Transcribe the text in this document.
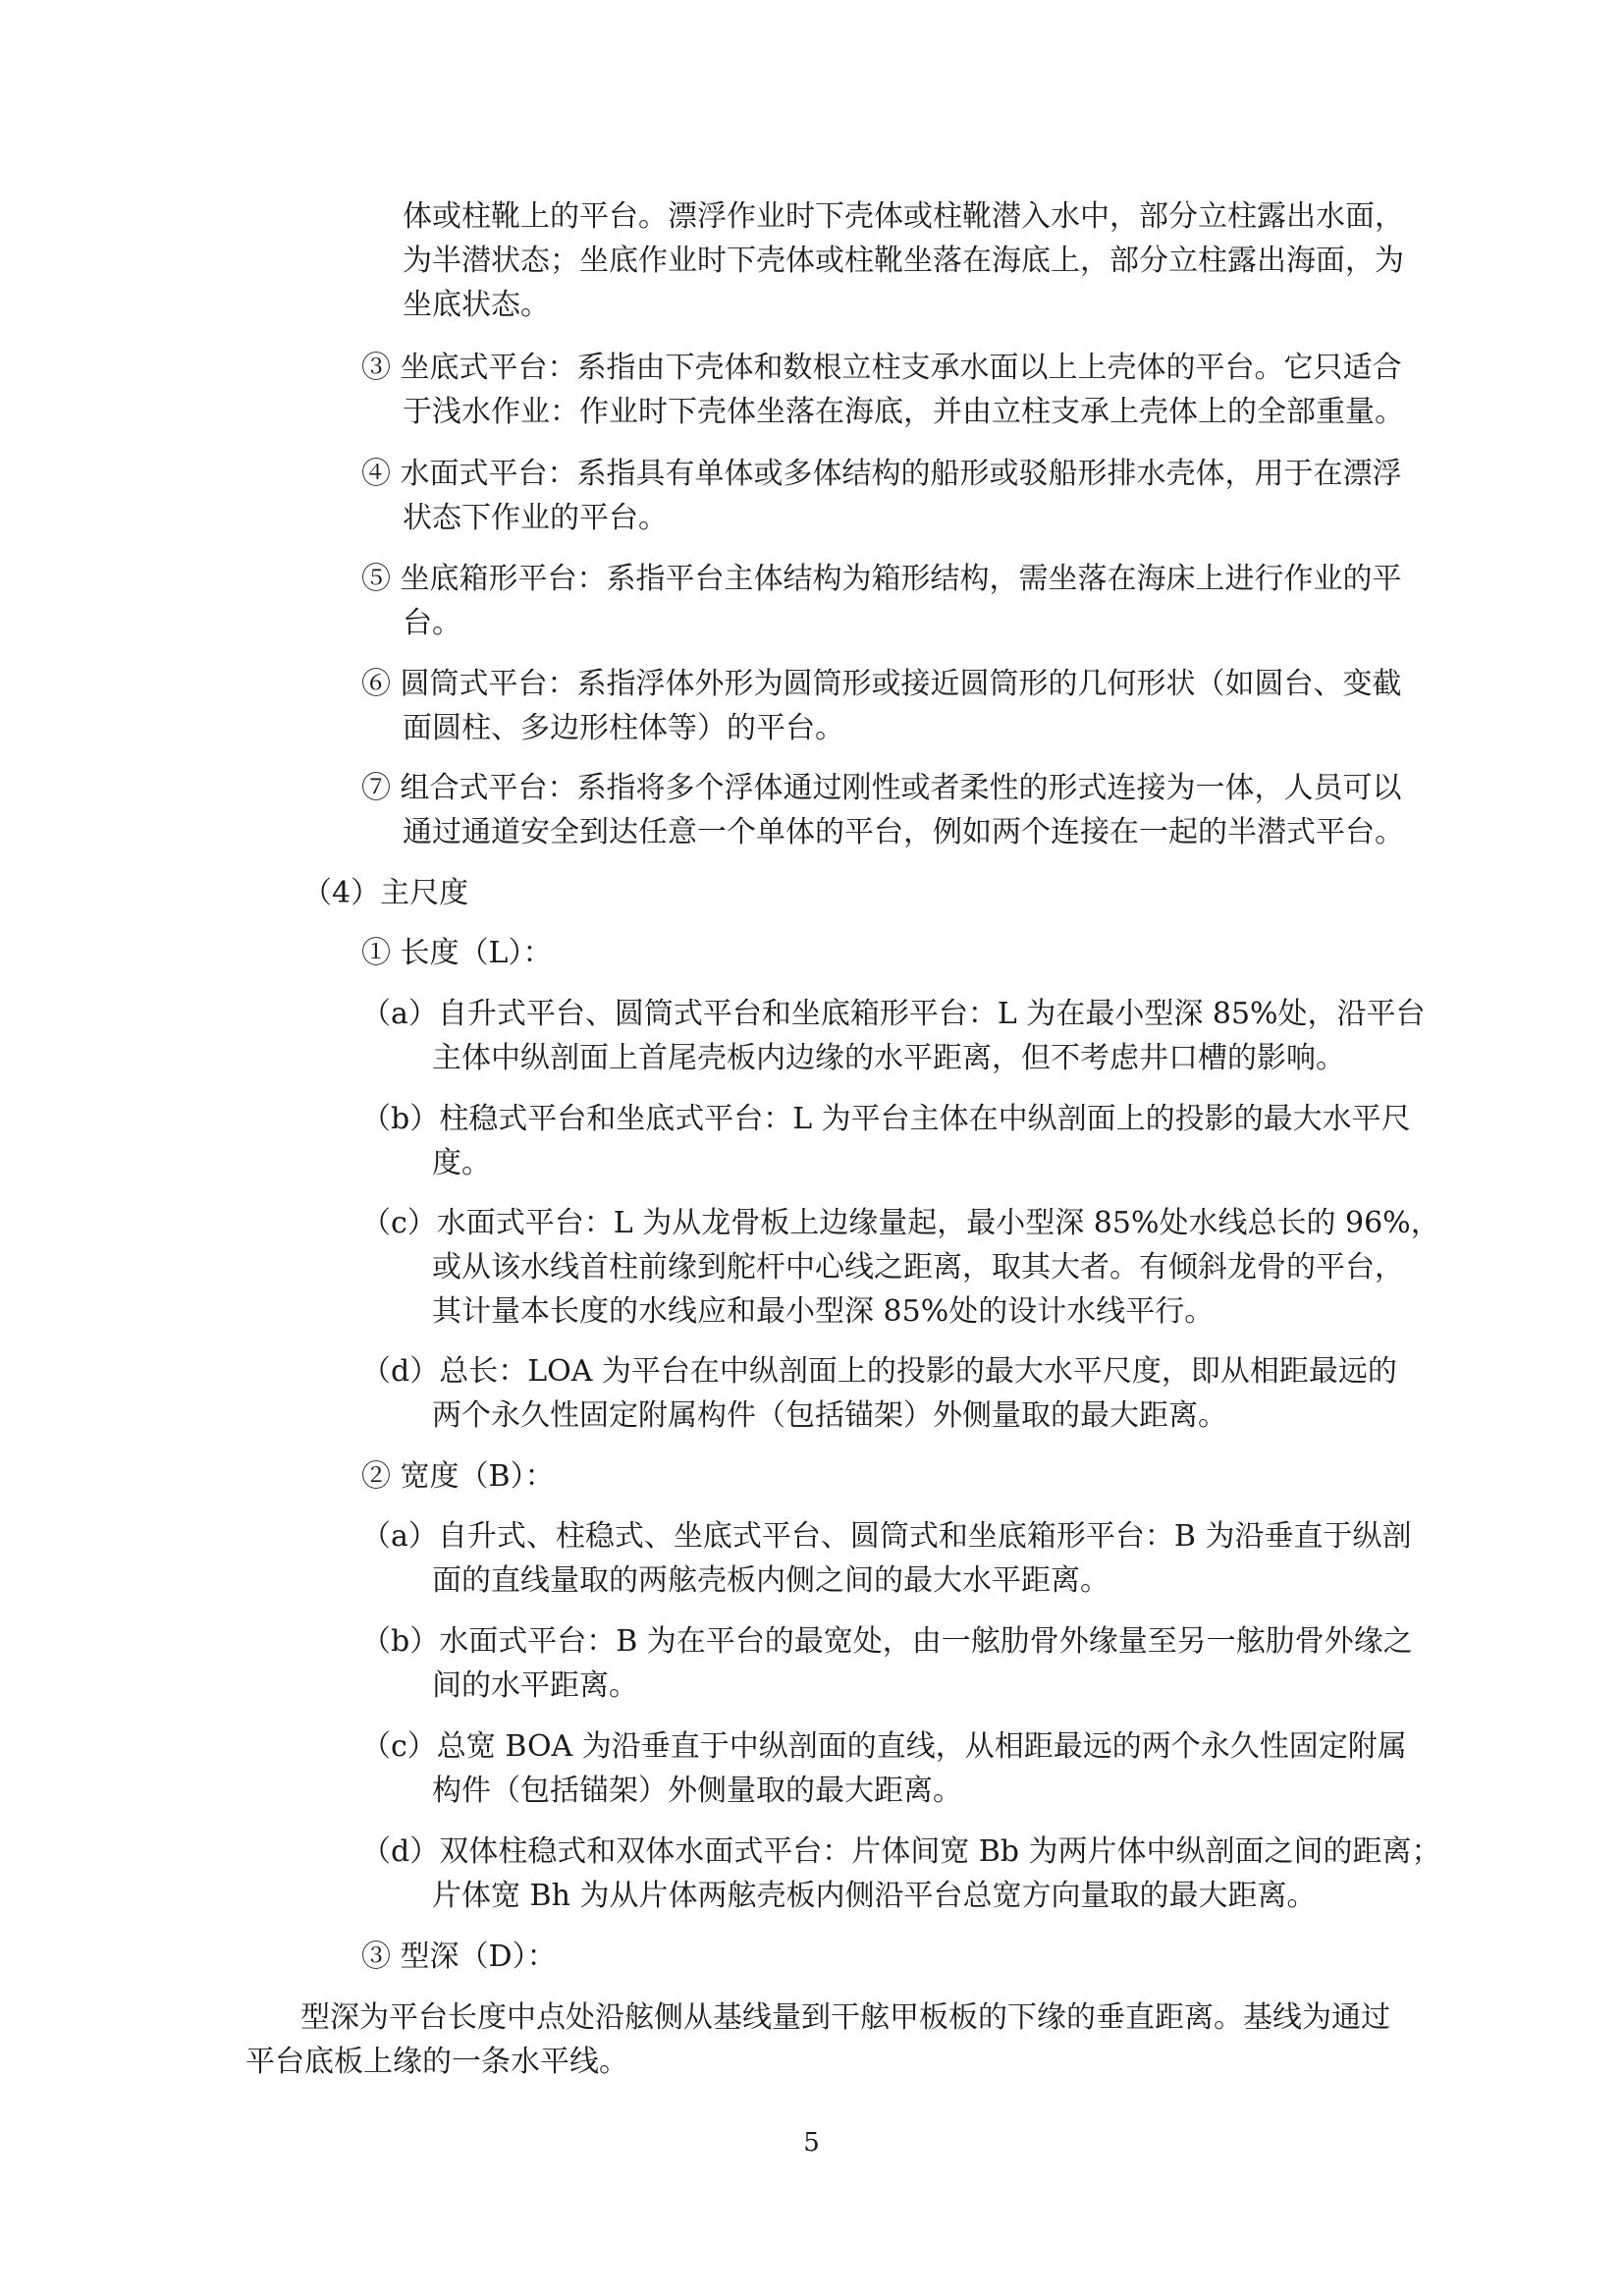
体或柱靴上的平台。漂浮作业时下壳体或柱靴潜入水中，部分立柱露出水面，
为半潜状态；坐底作业时下壳体或柱靴坐落在海底上，部分立柱露出海面，为
坐底状态。
③ 坐底式平台：系指由下壳体和数根立柱支承水面以上上壳体的平台。它只适合
于浅水作业：作业时下壳体坐落在海底，并由立柱支承上壳体上的全部重量。
④ 水面式平台：系指具有单体或多体结构的船形或驳船形排水壳体，用于在漂浮
状态下作业的平台。
⑤ 坐底箱形平台：系指平台主体结构为箱形结构，需坐落在海床上进行作业的平
台。
⑥ 圆筒式平台：系指浮体外形为圆筒形或接近圆筒形的几何形状（如圆台、变截
面圆柱、多边形柱体等）的平台。
⑦ 组合式平台：系指将多个浮体通过刚性或者柔性的形式连接为一体，人员可以
通过通道安全到达任意一个单体的平台，例如两个连接在一起的半潜式平台。
（4）主尺度
① 长度（L）：
（a）自升式平台、圆筒式平台和坐底箱形平台：L 为在最小型深 85%处，沿平台
主体中纵剖面上首尾壳板内边缘的水平距离，但不考虑井口槽的影响。
（b）柱稳式平台和坐底式平台：L 为平台主体在中纵剖面上的投影的最大水平尺
度。
（c）水面式平台：L 为从龙骨板上边缘量起，最小型深 85%处水线总长的 96%，
或从该水线首柱前缘到舵杆中心线之距离，取其大者。有倾斜龙骨的平台，
其计量本长度的水线应和最小型深 85%处的设计水线平行。
（d）总长：LOA 为平台在中纵剖面上的投影的最大水平尺度，即从相距最远的
两个永久性固定附属构件（包括锚架）外侧量取的最大距离。
② 宽度（B）：
（a）自升式、柱稳式、坐底式平台、圆筒式和坐底箱形平台：B 为沿垂直于纵剖
面的直线量取的两舷壳板内侧之间的最大水平距离。
（b）水面式平台：B 为在平台的最宽处，由一舷肋骨外缘量至另一舷肋骨外缘之
间的水平距离。
（c）总宽 BOA 为沿垂直于中纵剖面的直线，从相距最远的两个永久性固定附属
构件（包括锚架）外侧量取的最大距离。
（d）双体柱稳式和双体水面式平台：片体间宽 Bb 为两片体中纵剖面之间的距离；
片体宽 Bh 为从片体两舷壳板内侧沿平台总宽方向量取的最大距离。
③ 型深（D）：
型深为平台长度中点处沿舷侧从基线量到干舷甲板板的下缘的垂直距离。基线为通过
平台底板上缘的一条水平线。
5
